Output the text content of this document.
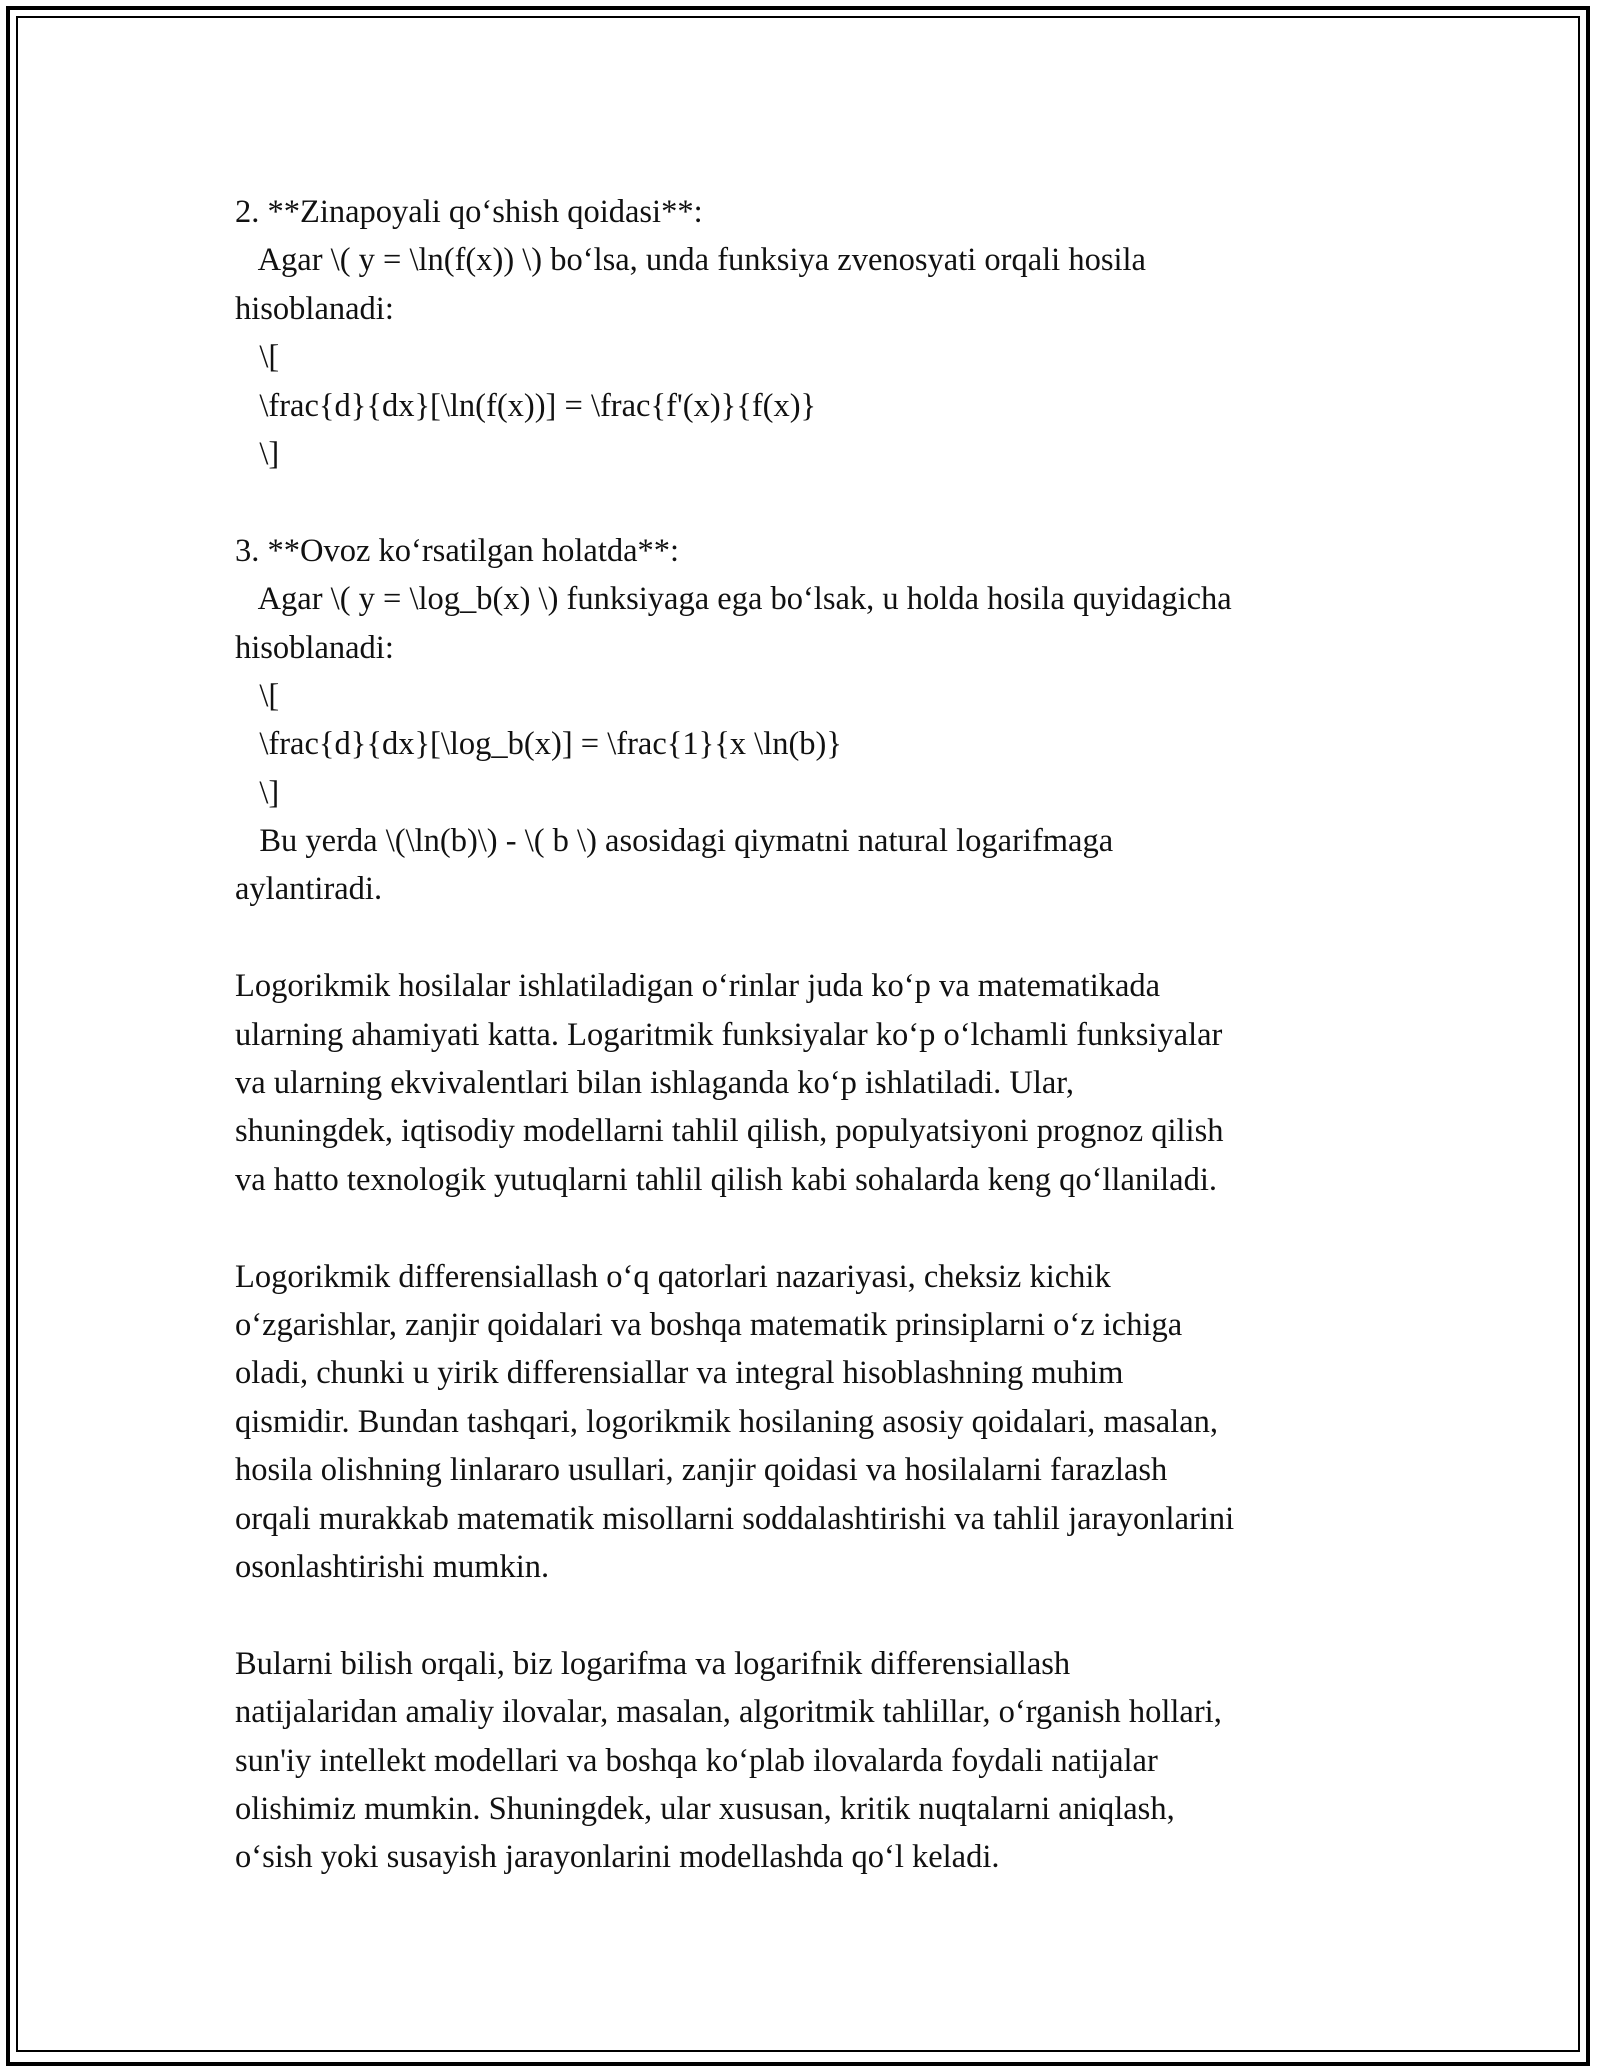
2. **Zinapoyali qo‘shish qoidasi**:
Agar \( y = \ln(f(x)) \) bo‘lsa, unda funksiya zvenosyati orqali hosila
hisoblanadi:
\[
\frac{d}{dx}[\ln(f(x))] = \frac{f'(x)}{f(x)}
\]
3. **Ovoz ko‘rsatilgan holatda**:
Agar \( y = \log_b(x) \) funksiyaga ega bo‘lsak, u holda hosila quyidagicha
hisoblanadi:
\[
\frac{d}{dx}[\log_b(x)] = \frac{1}{x \ln(b)}
\]
Bu yerda \(\ln(b)\) - \( b \) asosidagi qiymatni natural logarifmaga
aylantiradi.
Logorikmik hosilalar ishlatiladigan o‘rinlar juda ko‘p va matematikada
ularning ahamiyati katta. Logaritmik funksiyalar ko‘p o‘lchamli funksiyalar
va ularning ekvivalentlari bilan ishlaganda ko‘p ishlatiladi. Ular,
shuningdek, iqtisodiy modellarni tahlil qilish, populyatsiyoni prognoz qilish
va hatto texnologik yutuqlarni tahlil qilish kabi sohalarda keng qo‘llaniladi.
Logorikmik differensiallash o‘q qatorlari nazariyasi, cheksiz kichik
o‘zgarishlar, zanjir qoidalari va boshqa matematik prinsiplarni o‘z ichiga
oladi, chunki u yirik differensiallar va integral hisoblashning muhim
qismidir. Bundan tashqari, logorikmik hosilaning asosiy qoidalari, masalan,
hosila olishning linlararo usullari, zanjir qoidasi va hosilalarni farazlash
orqali murakkab matematik misollarni soddalashtirishi va tahlil jarayonlarini
osonlashtirishi mumkin.
Bularni bilish orqali, biz logarifma va logarifnik differensiallash
natijalaridan amaliy ilovalar, masalan, algoritmik tahlillar, o‘rganish hollari,
sun'iy intellekt modellari va boshqa ko‘plab ilovalarda foydali natijalar
olishimiz mumkin. Shuningdek, ular xususan, kritik nuqtalarni aniqlash,
o‘sish yoki susayish jarayonlarini modellashda qo‘l keladi.
